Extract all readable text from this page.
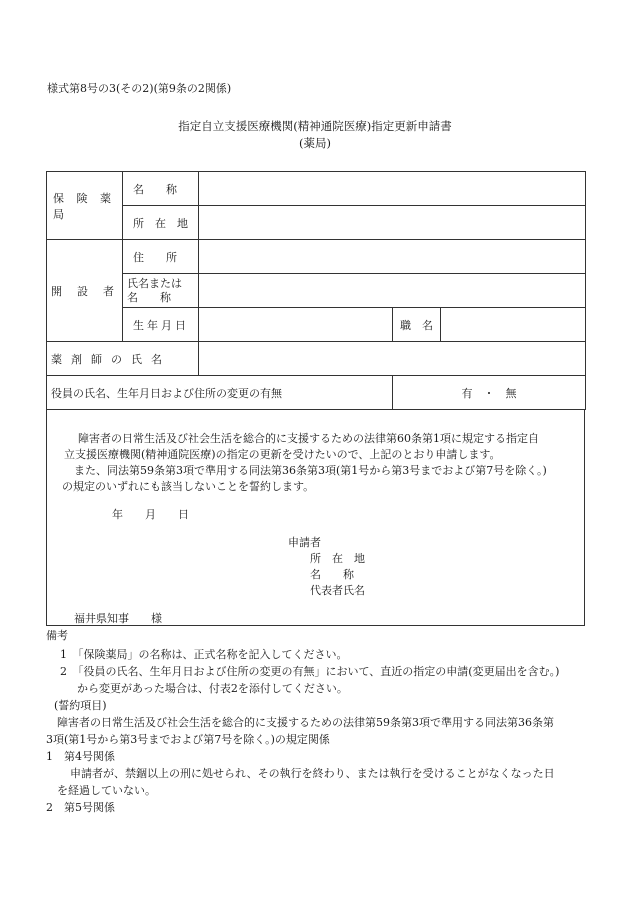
様式第8号の3(その2)(第9条の2関係)
指定自立支援医療機関(精神通院医療)指定更新申請書
(薬局)
保険薬局	名　　称			
	所　在　地			
開　設　者	住　　所			

	氏名または
名　　称			

	生年月日		職　名	
薬剤師の氏名				
役員の氏名、生年月日および住所の変更の有無			有　・　無	
障害者の日常生活及び社会生活を総合的に支援するための法律第60条第1項に規定する指定自
立支援医療機関(精神通院医療)の指定の更新を受けたいので、上記のとおり申請します。
また、同法第59条第3項で準用する同法第36条第3項(第1号から第3号までおよび第7号を除く。)
の規定のいずれにも該当しないことを誓約します。
年　　月　　日
申請者
所　在　地
名　　称
代表者氏名
福井県知事　　様
備考
1　「保険薬局」の名称は、正式名称を記入してください。
2　「役員の氏名、生年月日および住所の変更の有無」において、直近の指定の申請(変更届出を含む。)
から変更があった場合は、付表2を添付してください。
(誓約項目)
障害者の日常生活及び社会生活を総合的に支援するための法律第59条第3項で準用する同法第36条第
3項(第1号から第3号までおよび第7号を除く。)の規定関係
1　第4号関係
申請者が、禁錮以上の刑に処せられ、その執行を終わり、または執行を受けることがなくなった日
を経過していない。
2　第5号関係
